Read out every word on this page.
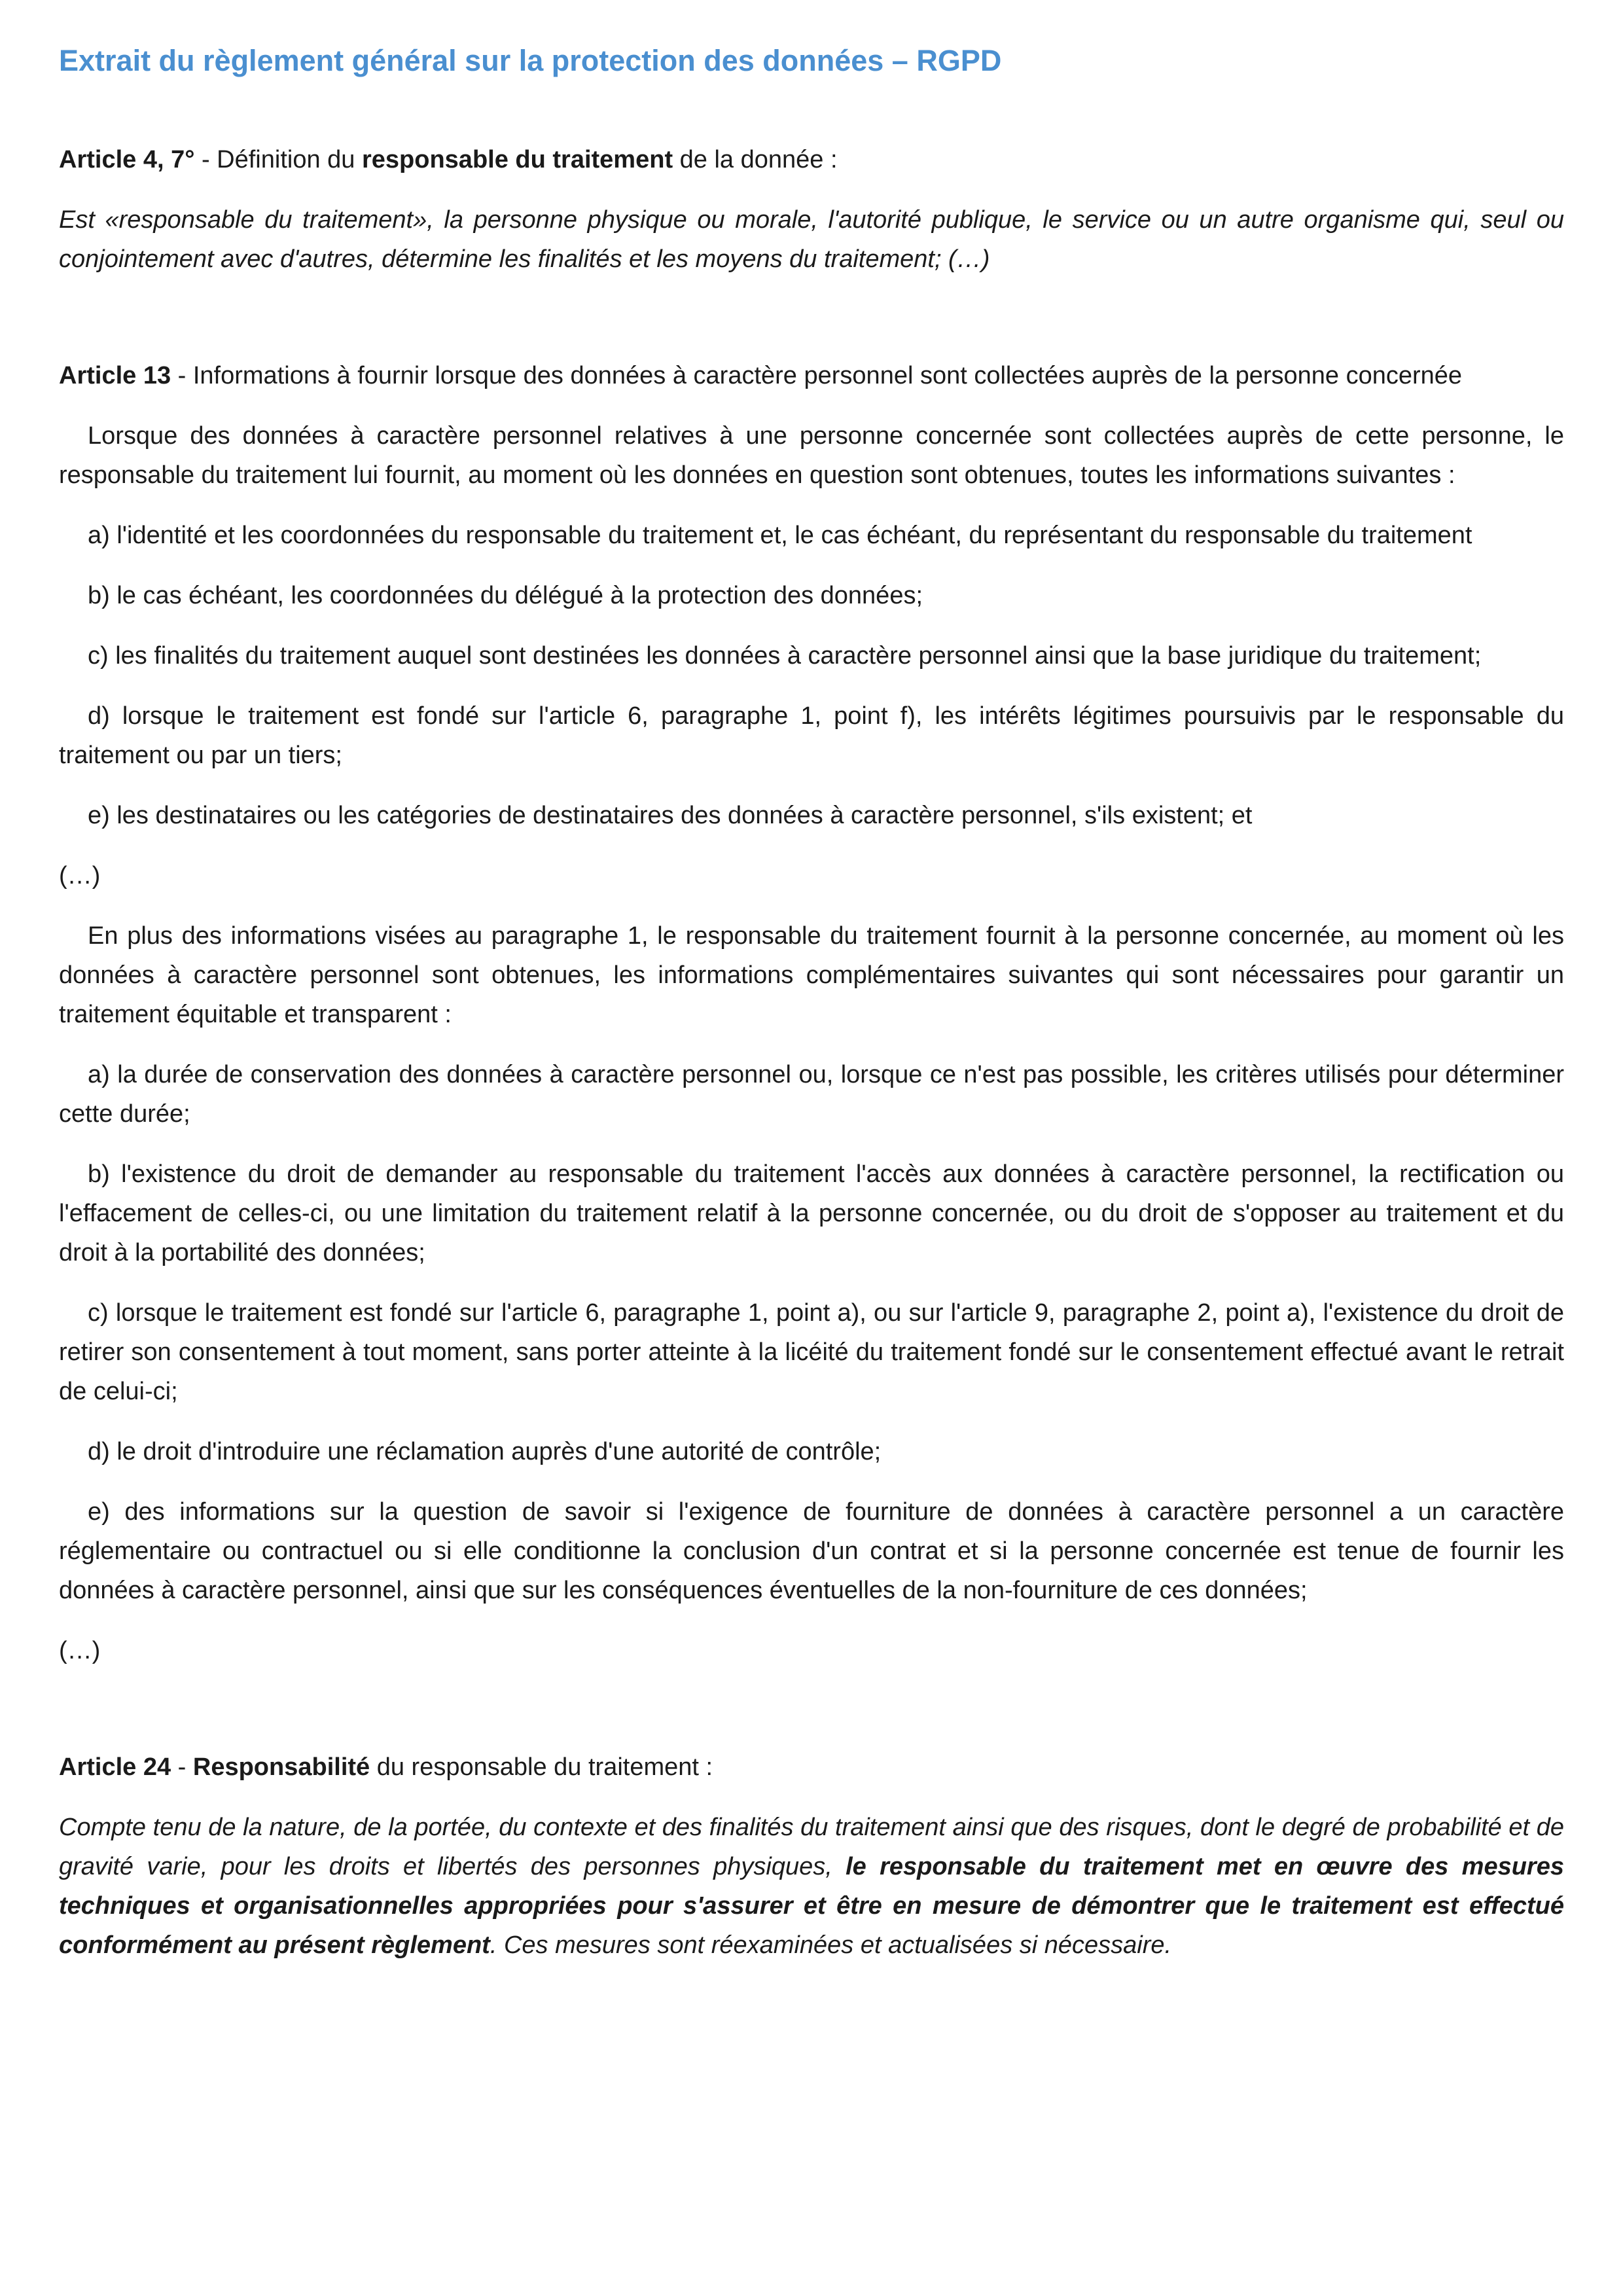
Extrait du règlement général sur la protection des données – RGPD

Article 4, 7° - Définition du responsable du traitement de la donnée :

Est «responsable du traitement», la personne physique ou morale, l'autorité publique, le service ou un autre organisme qui, seul ou conjointement avec d'autres, détermine les finalités et les moyens du traitement; (…)

Article 13 - Informations à fournir lorsque des données à caractère personnel sont collectées auprès de la personne concernée

Lorsque des données à caractère personnel relatives à une personne concernée sont collectées auprès de cette personne, le responsable du traitement lui fournit, au moment où les données en question sont obtenues, toutes les informations suivantes :

a) l'identité et les coordonnées du responsable du traitement et, le cas échéant, du représentant du responsable du traitement

b) le cas échéant, les coordonnées du délégué à la protection des données;

c) les finalités du traitement auquel sont destinées les données à caractère personnel ainsi que la base juridique du traitement;

d) lorsque le traitement est fondé sur l'article 6, paragraphe 1, point f), les intérêts légitimes poursuivis par le responsable du traitement ou par un tiers;

e) les destinataires ou les catégories de destinataires des données à caractère personnel, s'ils existent; et

(…)

En plus des informations visées au paragraphe 1, le responsable du traitement fournit à la personne concernée, au moment où les données à caractère personnel sont obtenues, les informations complémentaires suivantes qui sont nécessaires pour garantir un traitement équitable et transparent :

a) la durée de conservation des données à caractère personnel ou, lorsque ce n'est pas possible, les critères utilisés pour déterminer cette durée;

b) l'existence du droit de demander au responsable du traitement l'accès aux données à caractère personnel, la rectification ou l'effacement de celles-ci, ou une limitation du traitement relatif à la personne concernée, ou du droit de s'opposer au traitement et du droit à la portabilité des données;

c) lorsque le traitement est fondé sur l'article 6, paragraphe 1, point a), ou sur l'article 9, paragraphe 2, point a), l'existence du droit de retirer son consentement à tout moment, sans porter atteinte à la licéité du traitement fondé sur le consentement effectué avant le retrait de celui-ci;

d) le droit d'introduire une réclamation auprès d'une autorité de contrôle;

e) des informations sur la question de savoir si l'exigence de fourniture de données à caractère personnel a un caractère réglementaire ou contractuel ou si elle conditionne la conclusion d'un contrat et si la personne concernée est tenue de fournir les données à caractère personnel, ainsi que sur les conséquences éventuelles de la non-fourniture de ces données;

(…)

Article 24 - Responsabilité du responsable du traitement :

Compte tenu de la nature, de la portée, du contexte et des finalités du traitement ainsi que des risques, dont le degré de probabilité et de gravité varie, pour les droits et libertés des personnes physiques, le responsable du traitement met en œuvre des mesures techniques et organisationnelles appropriées pour s'assurer et être en mesure de démontrer que le traitement est effectué conformément au présent règlement. Ces mesures sont réexaminées et actualisées si nécessaire.
